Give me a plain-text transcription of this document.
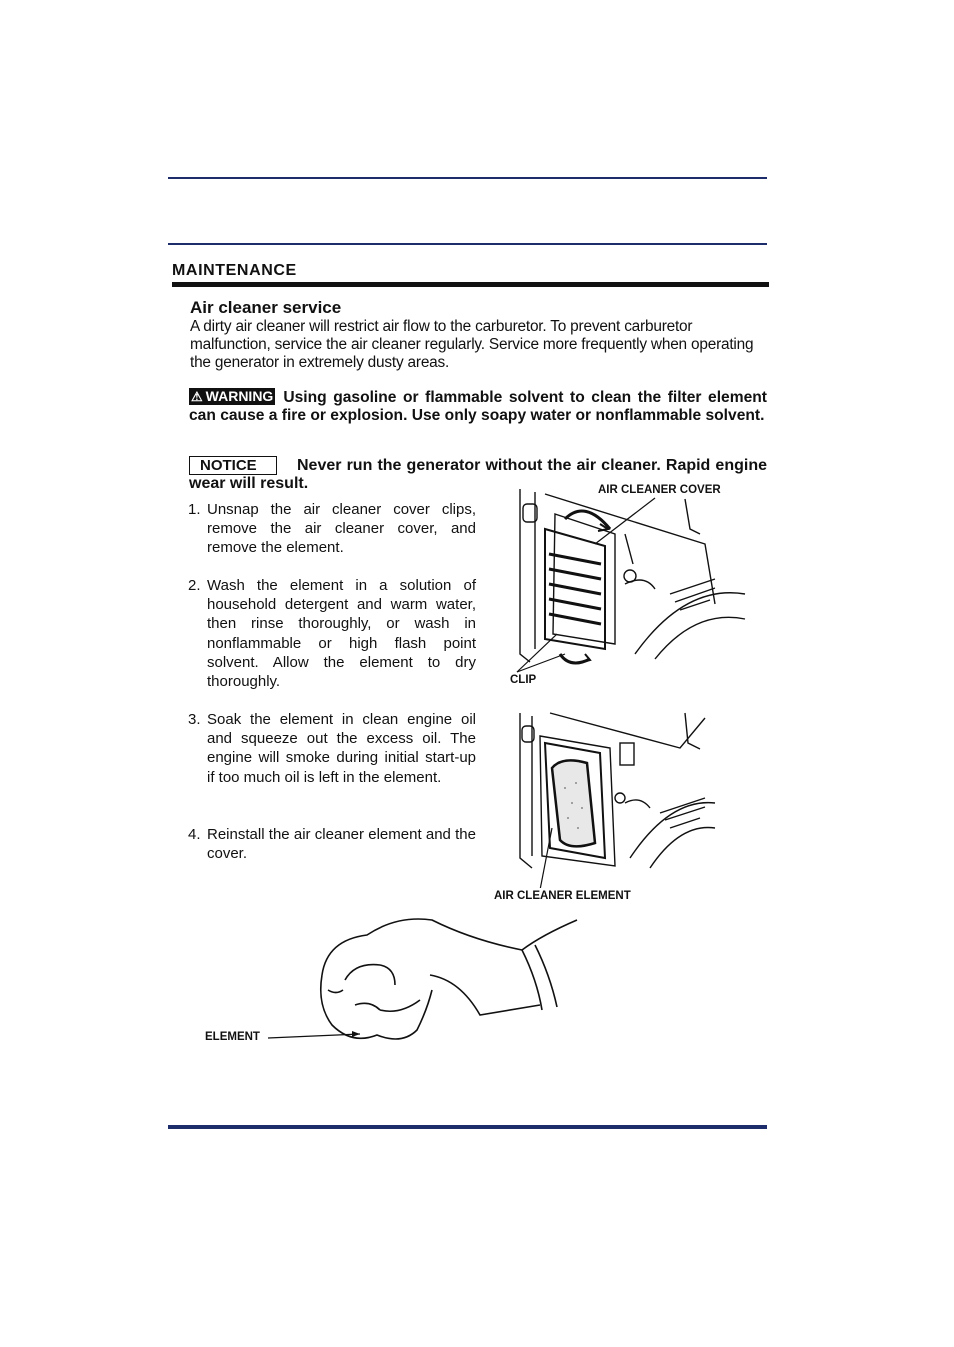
MAINTENANCE
Air cleaner service
A dirty air cleaner will restrict air flow to the carburetor. To prevent carburetor malfunction, service the air cleaner regularly. Service more frequently when operating the generator in extremely dusty areas.
⚠ WARNING Using gasoline or flammable solvent to clean the filter element can cause a fire or explosion. Use only soapy water or nonflammable solvent.
NOTICE	Never run the generator without the air cleaner. Rapid engine wear will result.
1. Unsnap the air cleaner cover clips, remove the air cleaner cover, and remove the element.
2. Wash the element in a solution of household detergent and warm water, then rinse thoroughly, or wash in nonflammable or high flash point solvent. Allow the element to dry thoroughly.
3. Soak the element in clean engine oil and squeeze out the excess oil. The engine will smoke during initial start-up if too much oil is left in the element.
4. Reinstall the air cleaner element and the cover.
AIR CLEANER COVER
CLIP
AIR CLEANER ELEMENT
ELEMENT
